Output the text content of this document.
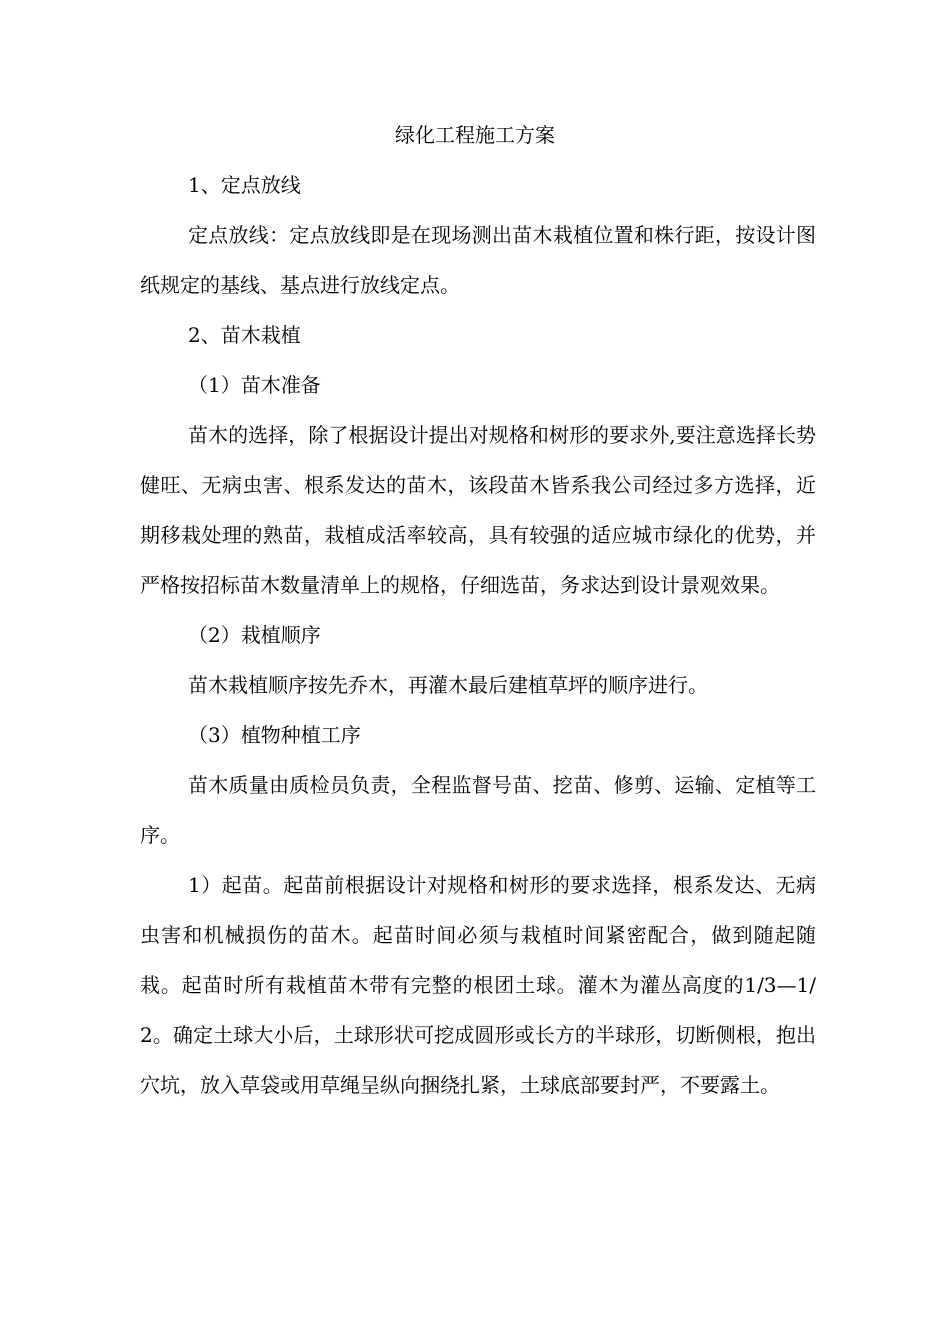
绿化工程施工方案

1、定点放线

定点放线：定点放线即是在现场测出苗木栽植位置和株行距，按设计图纸规定的基线、基点进行放线定点。

2、苗木栽植

（1）苗木准备

苗木的选择，除了根据设计提出对规格和树形的要求外,要注意选择长势健旺、无病虫害、根系发达的苗木，该段苗木皆系我公司经过多方选择，近期移栽处理的熟苗，栽植成活率较高，具有较强的适应城市绿化的优势，并严格按招标苗木数量清单上的规格，仔细选苗，务求达到设计景观效果。

（2）栽植顺序

苗木栽植顺序按先乔木，再灌木最后建植草坪的顺序进行。

（3）植物种植工序

苗木质量由质检员负责，全程监督号苗、挖苗、修剪、运输、定植等工序。

1）起苗。起苗前根据设计对规格和树形的要求选择，根系发达、无病虫害和机械损伤的苗木。起苗时间必须与栽植时间紧密配合，做到随起随栽。起苗时所有栽植苗木带有完整的根团土球。灌木为灌丛高度的1/3—1/2。确定土球大小后，土球形状可挖成圆形或长方的半球形，切断侧根，抱出穴坑，放入草袋或用草绳呈纵向捆绕扎紧，土球底部要封严，不要露土。
